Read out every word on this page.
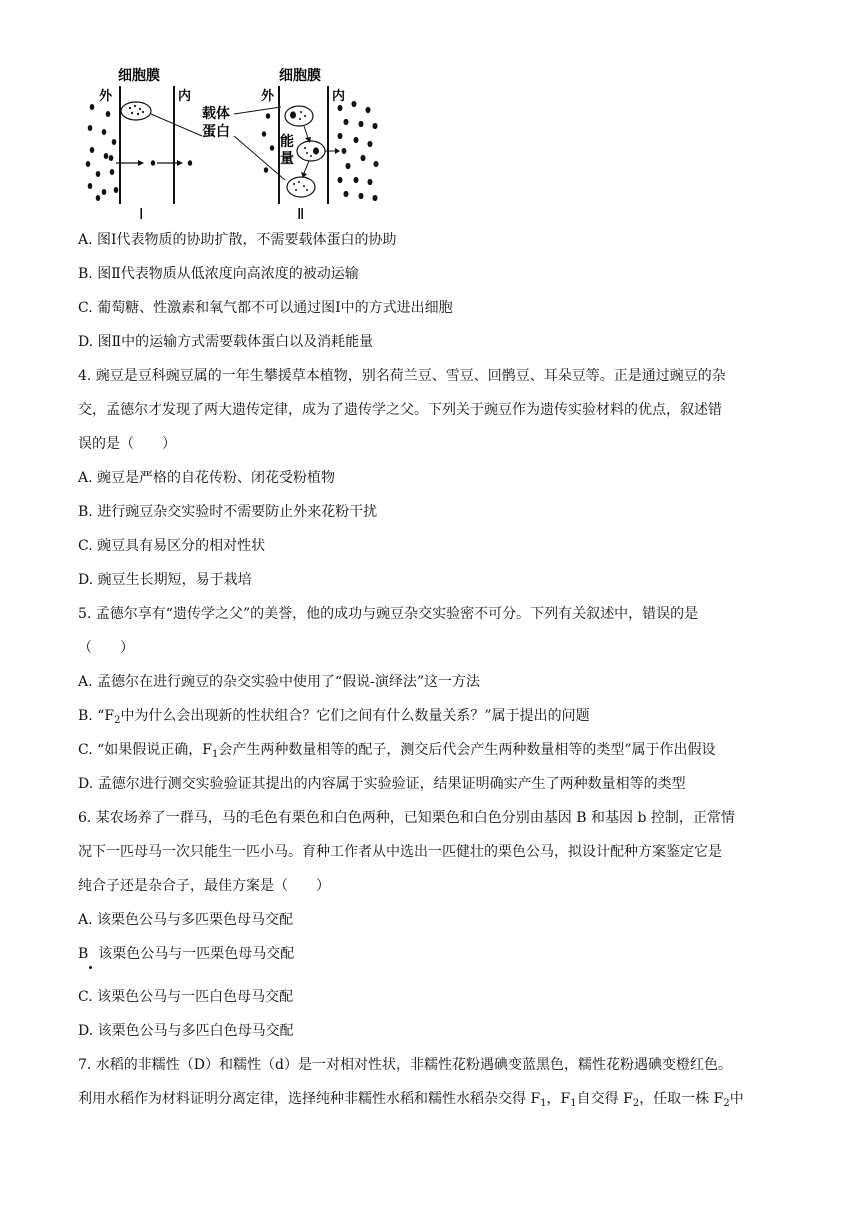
细胞膜
外	内
Ⅰ
载体
蛋白
细胞膜
外	内
能
量
Ⅱ
A. 图Ⅰ代表物质的协助扩散，不需要载体蛋白的协助
B. 图Ⅱ代表物质从低浓度向高浓度的被动运输
C. 葡萄糖、性激素和氧气都不可以通过图Ⅰ中的方式进出细胞
D. 图Ⅱ中的运输方式需要载体蛋白以及消耗能量
4. 豌豆是豆科豌豆属的一年生攀援草本植物，别名荷兰豆、雪豆、回鹘豆、耳朵豆等。正是通过豌豆的杂
交，孟德尔才发现了两大遗传定律，成为了遗传学之父。下列关于豌豆作为遗传实验材料的优点，叙述错
误的是（　　）
A. 豌豆是严格的自花传粉、闭花受粉植物
B. 进行豌豆杂交实验时不需要防止外来花粉干扰
C. 豌豆具有易区分的相对性状
D. 豌豆生长期短，易于栽培
5. 孟德尔享有“遗传学之父”的美誉，他的成功与豌豆杂交实验密不可分。下列有关叙述中，错误的是
（　　）
A. 孟德尔在进行豌豆的杂交实验中使用了“假说-演绎法”这一方法
B. “$F_2$中为什么会出现新的性状组合？它们之间有什么数量关系？”属于提出的问题
C. “如果假说正确，$F_1$会产生两种数量相等的配子，测交后代会产生两种数量相等的类型”属于作出假设
D. 孟德尔进行测交实验验证其提出的内容属于实验验证，结果证明确实产生了两种数量相等的类型
6. 某农场养了一群马，马的毛色有栗色和白色两种，已知栗色和白色分别由基因 B 和基因 b 控制，正常情
况下一匹母马一次只能生一匹小马。育种工作者从中选出一匹健壮的栗色公马，拟设计配种方案鉴定它是
纯合子还是杂合子，最佳方案是（　　）
A. 该栗色公马与多匹栗色母马交配
B 该栗色公马与一匹栗色母马交配
C. 该栗色公马与一匹白色母马交配
D. 该栗色公马与多匹白色母马交配
7. 水稻的非糯性（D）和糯性（d）是一对相对性状，非糯性花粉遇碘变蓝黑色，糯性花粉遇碘变橙红色。
利用水稻作为材料证明分离定律，选择纯种非糯性水稻和糯性水稻杂交得 $F_1$，$F_1$自交得 $F_2$，任取一株 $F_2$中
